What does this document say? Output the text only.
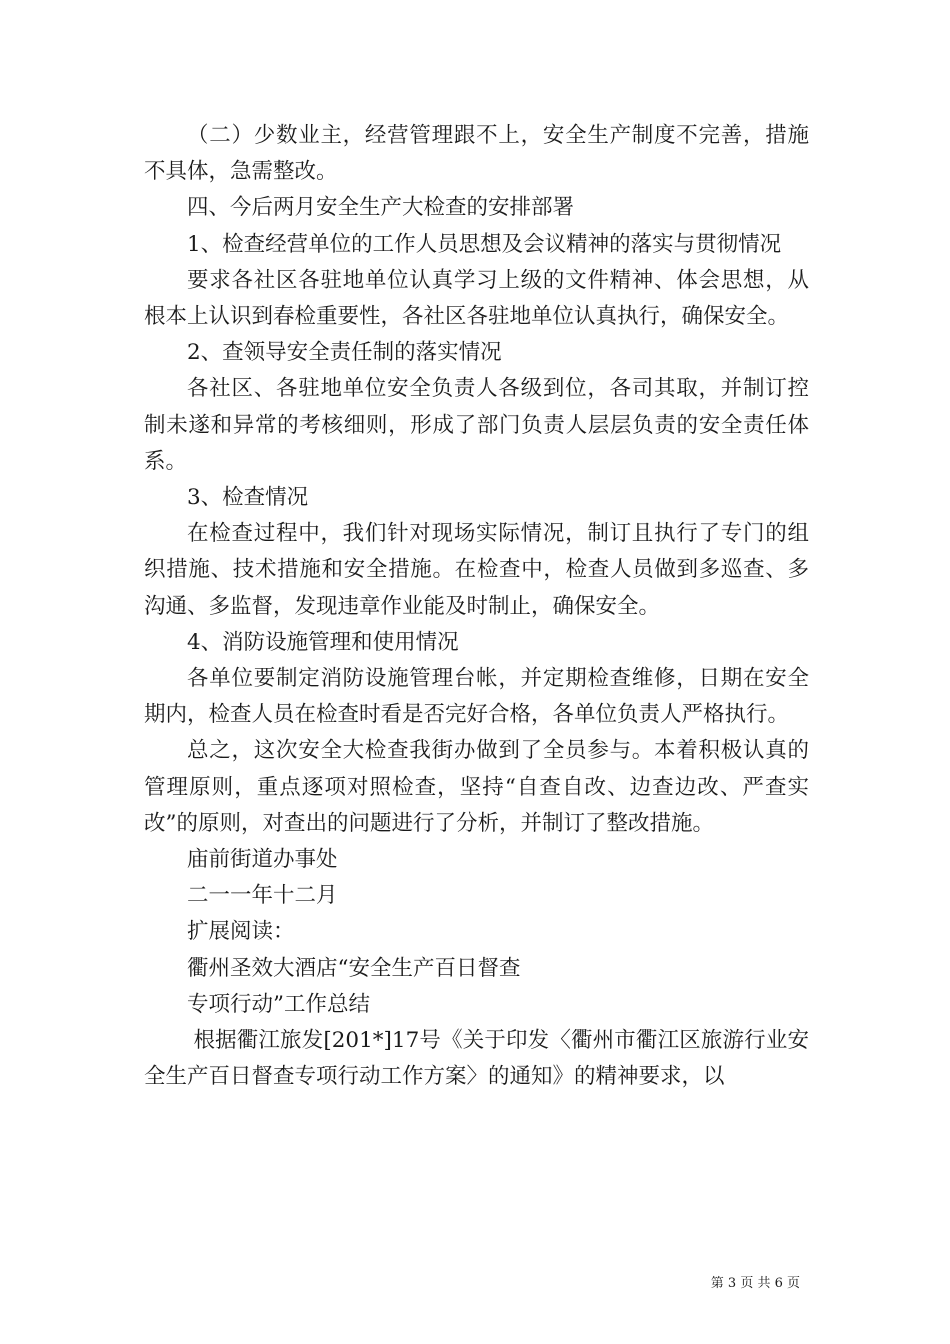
（二）少数业主，经营管理跟不上，安全生产制度不完善，措施不具体，急需整改。

四、今后两月安全生产大检查的安排部署

1、检查经营单位的工作人员思想及会议精神的落实与贯彻情况

要求各社区各驻地单位认真学习上级的文件精神、体会思想，从根本上认识到春检重要性，各社区各驻地单位认真执行，确保安全。

2、查领导安全责任制的落实情况

各社区、各驻地单位安全负责人各级到位，各司其取，并制订控制未遂和异常的考核细则，形成了部门负责人层层负责的安全责任体系。

3、检查情况

在检查过程中，我们针对现场实际情况，制订且执行了专门的组织措施、技术措施和安全措施。在检查中，检查人员做到多巡查、多沟通、多监督，发现违章作业能及时制止，确保安全。

4、消防设施管理和使用情况

各单位要制定消防设施管理台帐，并定期检查维修，日期在安全期内，检查人员在检查时看是否完好合格，各单位负责人严格执行。

总之，这次安全大检查我街办做到了全员参与。本着积极认真的管理原则，重点逐项对照检查，坚持“自查自改、边查边改、严查实改”的原则，对查出的问题进行了分析，并制订了整改措施。

庙前街道办事处

二一一年十二月

扩展阅读：

衢州圣效大酒店“安全生产百日督查

专项行动”工作总结

根据衢江旅发[201*]17号《关于印发〈衢州市衢江区旅游行业安全生产百日督查专项行动工作方案〉的通知》的精神要求，以

第 3 页 共 6 页
